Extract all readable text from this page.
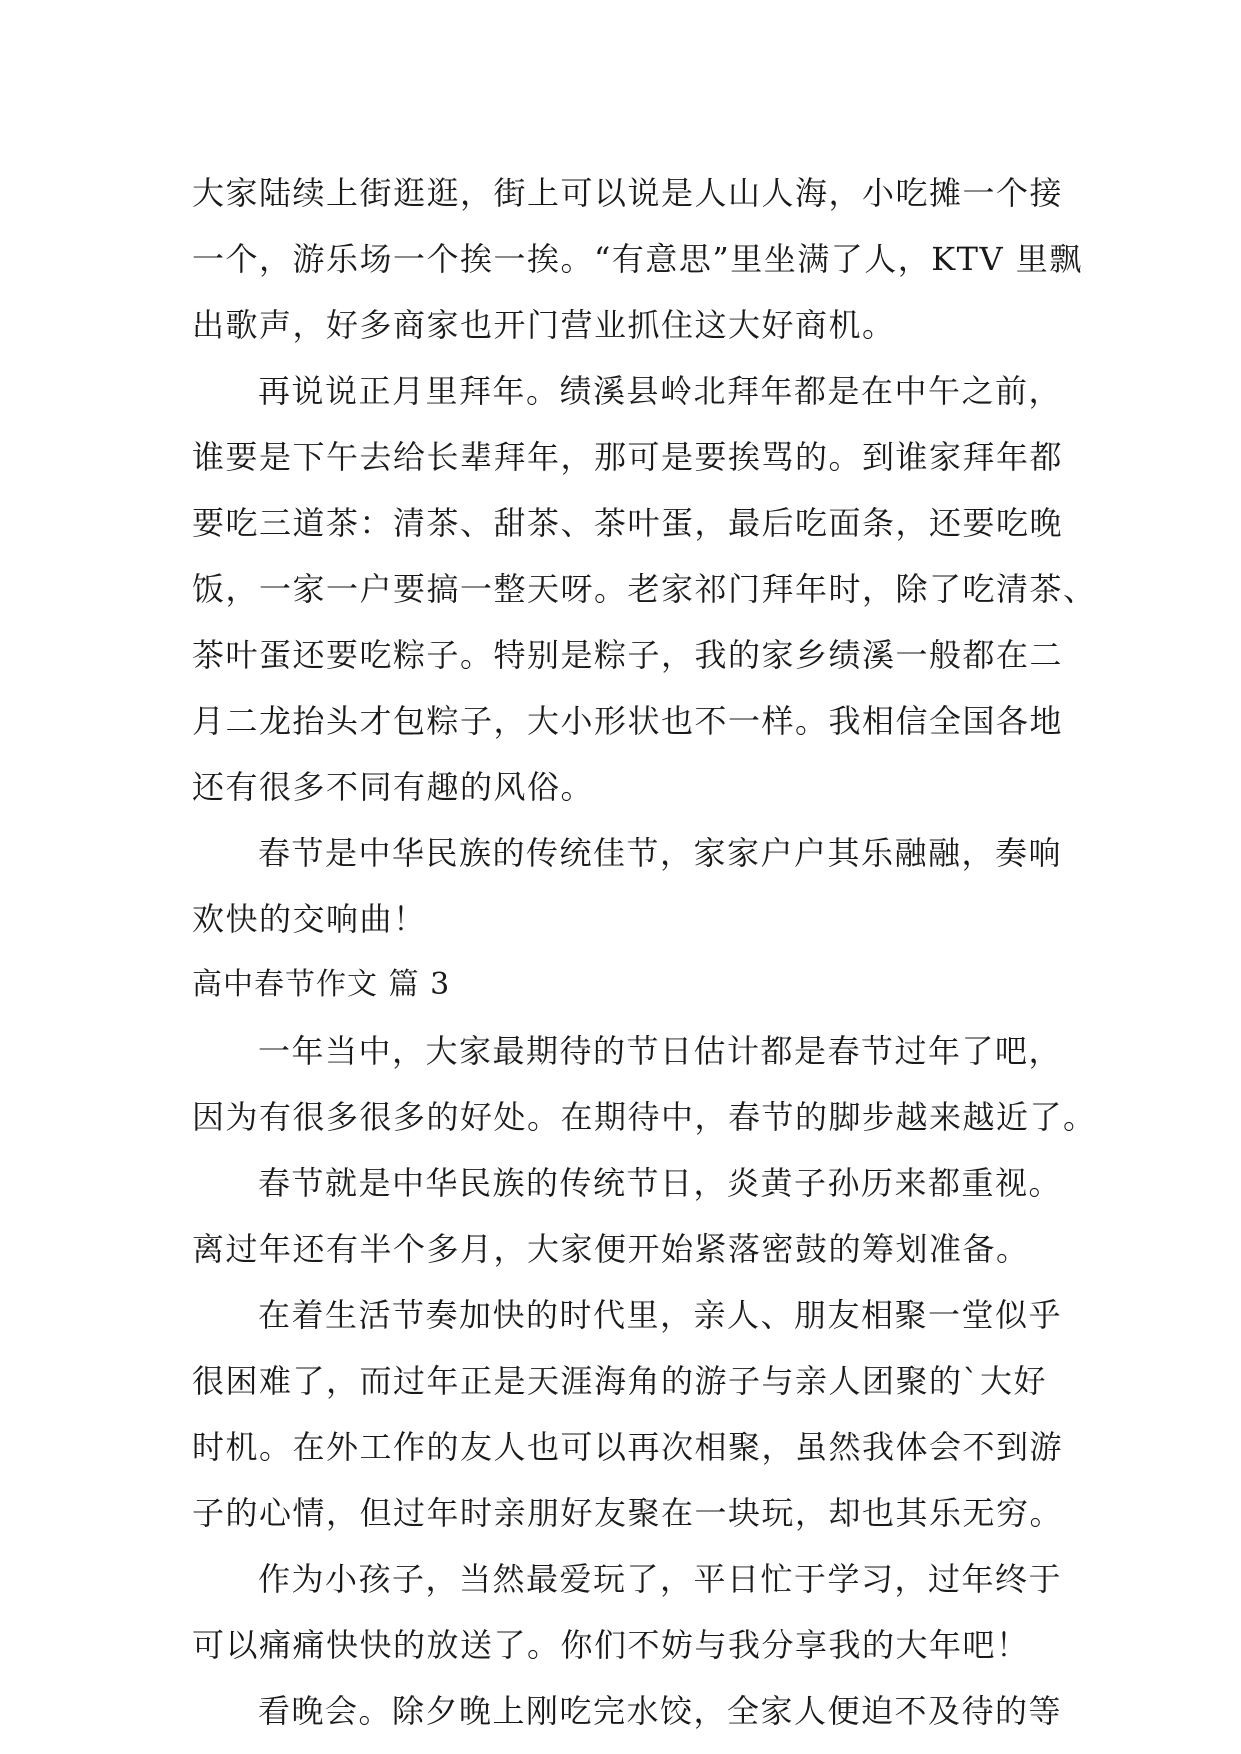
大家陆续上街逛逛，街上可以说是人山人海，小吃摊一个接
一个，游乐场一个挨一挨。“有意思”里坐满了人，KTV 里飘
出歌声，好多商家也开门营业抓住这大好商机。
再说说正月里拜年。绩溪县岭北拜年都是在中午之前，
谁要是下午去给长辈拜年，那可是要挨骂的。到谁家拜年都
要吃三道茶：清茶、甜茶、茶叶蛋，最后吃面条，还要吃晚
饭，一家一户要搞一整天呀。老家祁门拜年时，除了吃清茶、
茶叶蛋还要吃粽子。特别是粽子，我的家乡绩溪一般都在二
月二龙抬头才包粽子，大小形状也不一样。我相信全国各地
还有很多不同有趣的风俗。
春节是中华民族的传统佳节，家家户户其乐融融，奏响
欢快的交响曲！
高中春节作文 篇 3
一年当中，大家最期待的节日估计都是春节过年了吧，
因为有很多很多的好处。在期待中，春节的脚步越来越近了。
春节就是中华民族的传统节日，炎黄子孙历来都重视。
离过年还有半个多月，大家便开始紧落密鼓的筹划准备。
在着生活节奏加快的时代里，亲人、朋友相聚一堂似乎
很困难了，而过年正是天涯海角的游子与亲人团聚的`大好
时机。在外工作的友人也可以再次相聚，虽然我体会不到游
子的心情，但过年时亲朋好友聚在一块玩，却也其乐无穷。
作为小孩子，当然最爱玩了，平日忙于学习，过年终于
可以痛痛快快的放送了。你们不妨与我分享我的大年吧！
看晚会。除夕晚上刚吃完水饺，全家人便迫不及待的等
